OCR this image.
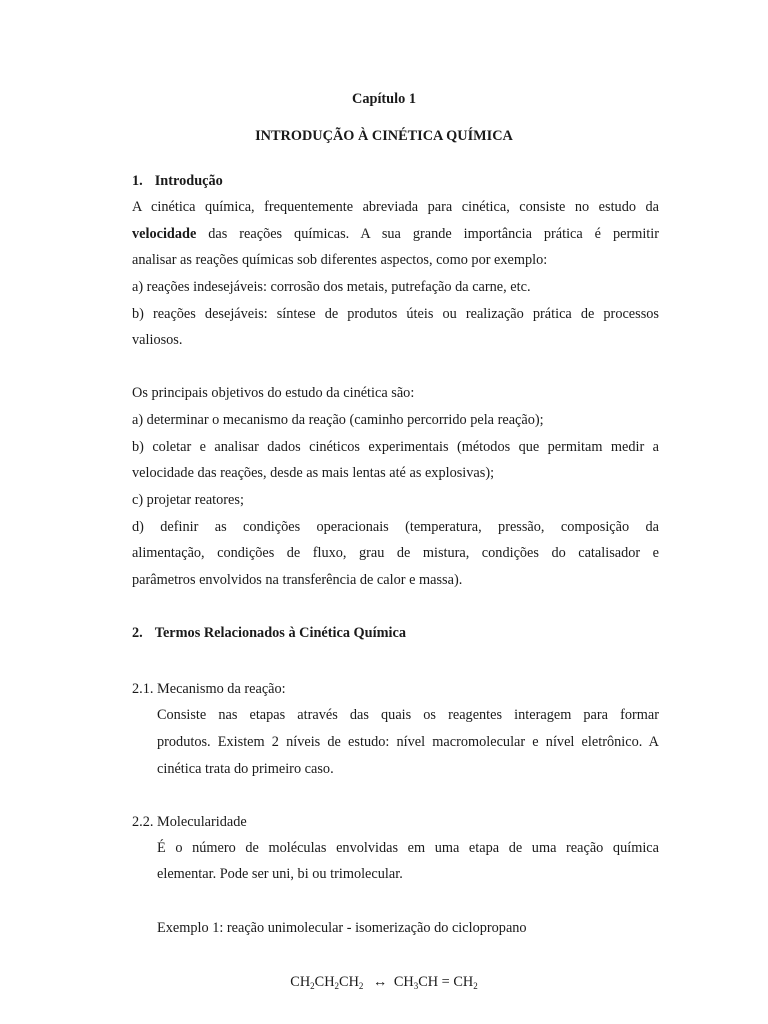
Capítulo 1
INTRODUÇÃO À CINÉTICA QUÍMICA
1. Introdução
A cinética química, frequentemente abreviada para cinética, consiste no estudo da
velocidade das reações químicas. A sua grande importância prática é permitir
analisar as reações químicas sob diferentes aspectos, como por exemplo:
a) reações indesejáveis: corrosão dos metais, putrefação da carne, etc.
b) reações desejáveis: síntese de produtos úteis ou realização prática de processos
valiosos.
Os principais objetivos do estudo da cinética são:
a) determinar o mecanismo da reação (caminho percorrido pela reação);
b) coletar e analisar dados cinéticos experimentais (métodos que permitam medir a
velocidade das reações, desde as mais lentas até as explosivas);
c) projetar reatores;
d) definir as condições operacionais (temperatura, pressão, composição da
alimentação, condições de fluxo, grau de mistura, condições do catalisador e
parâmetros envolvidos na transferência de calor e massa).
2. Termos Relacionados à Cinética Química
2.1. Mecanismo da reação:
Consiste nas etapas através das quais os reagentes interagem para formar
produtos. Existem 2 níveis de estudo: nível macromolecular e nível eletrônico. A
cinética trata do primeiro caso.
2.2. Molecularidade
É o número de moléculas envolvidas em uma etapa de uma reação química
elementar. Pode ser uni, bi ou trimolecular.
Exemplo 1: reação unimolecular - isomerização do ciclopropano
$CH_2CH_2CH_2$ ↔ $CH_3CH = CH_2$
